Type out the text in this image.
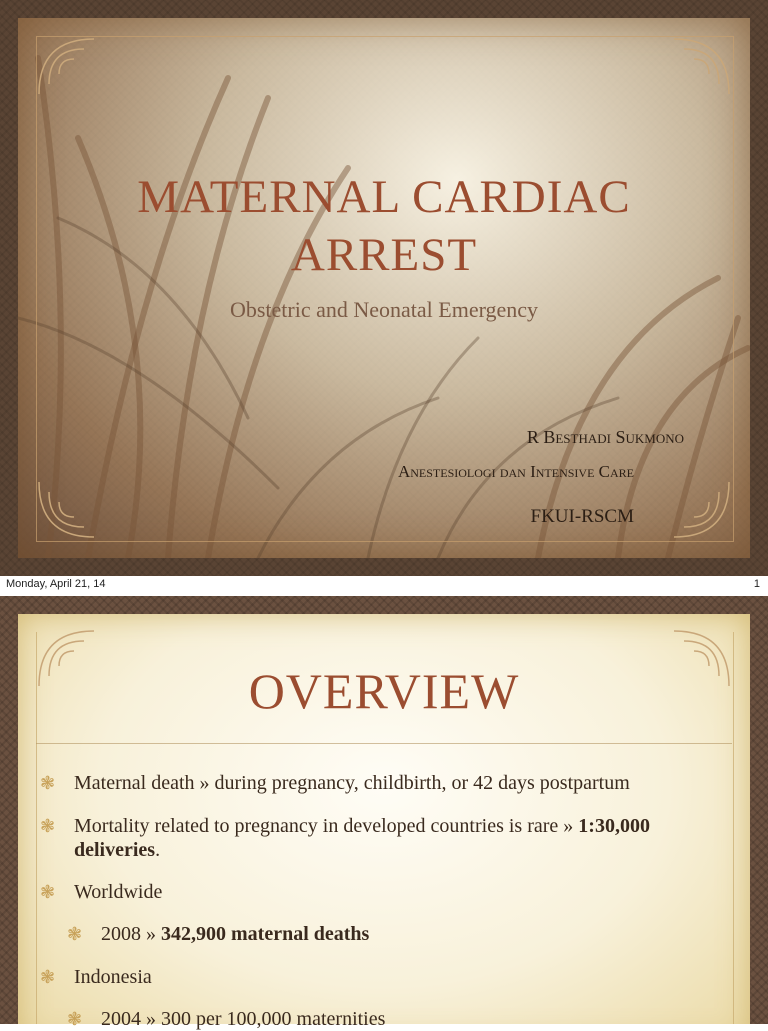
MATERNAL CARDIAC
ARREST
Obstetric and Neonatal Emergency
R Besthadi Sukmono
Anestesiologi dan Intensive Care
FKUI-RSCM
Monday, April 21, 14	1
OVERVIEW
❃ Maternal death » during pregnancy, childbirth, or 42 days postpartum
❃ Mortality related to pregnancy in developed countries is rare » 1:30,000
deliveries.
❃ Worldwide
❃ 2008 » 342,900 maternal deaths
❃ Indonesia
❃ 2004 » 300 per 100,000 maternities
